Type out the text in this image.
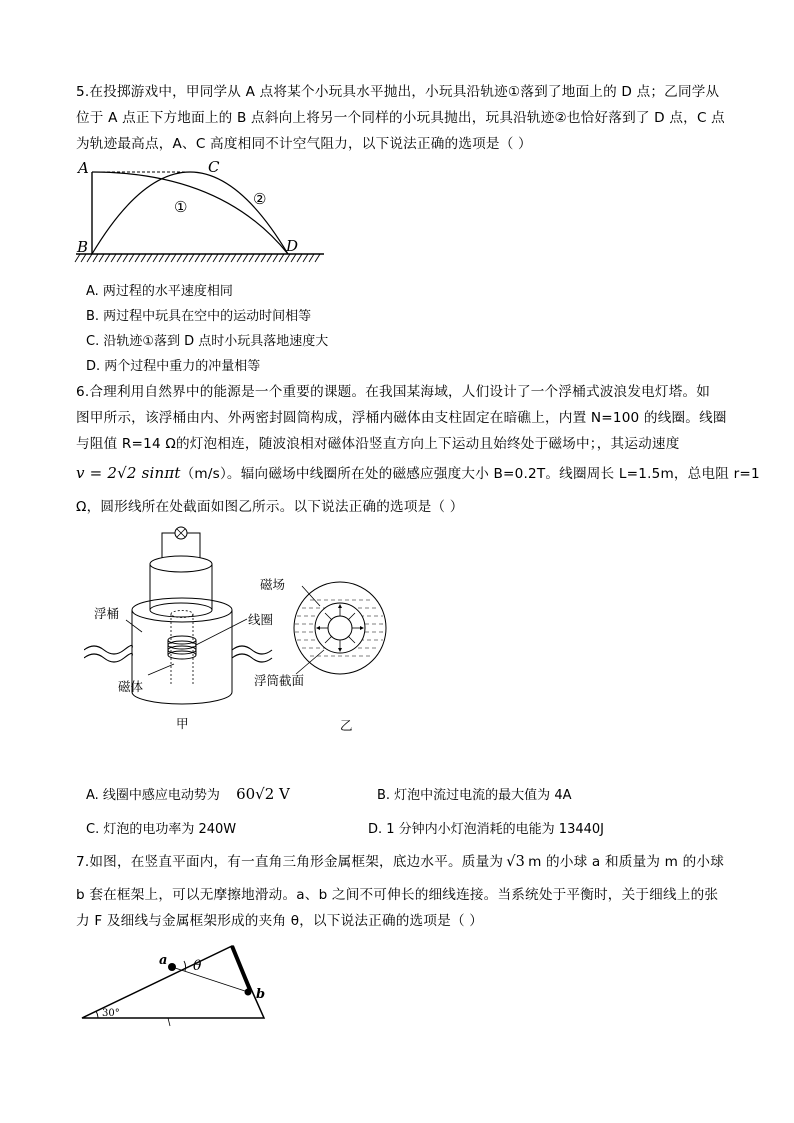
5.在投掷游戏中，甲同学从 A 点将某个小玩具水平抛出，小玩具沿轨迹①落到了地面上的 D 点；乙同学从
位于 A 点正下方地面上的 B 点斜向上将另一个同样的小玩具抛出，玩具沿轨迹②也恰好落到了 D 点，C 点
为轨迹最高点，A、C 高度相同不计空气阻力，以下说法正确的选项是（ ）
A
B
C
D
①	②
A. 两过程的水平速度相同
B. 两过程中玩具在空中的运动时间相等
C. 沿轨迹①落到 D 点时小玩具落地速度大
D. 两个过程中重力的冲量相等
6.合理利用自然界中的能源是一个重要的课题。在我国某海域，人们设计了一个浮桶式波浪发电灯塔。如
图甲所示，该浮桶由内、外两密封圆筒构成，浮桶内磁体由支柱固定在暗礁上，内置 N=100 的线圈。线圈
与阻值 R=14 Ω的灯泡相连，随波浪相对磁体沿竖直方向上下运动且始终处于磁场中；，其运动速度
v = 2√2 sinπt（m/s）。辐向磁场中线圈所在处的磁感应强度大小 B=0.2T。线圈周长 L=1.5m，总电阻 r=1
Ω，圆形线所在处截面如图乙所示。以下说法正确的选项是（ ）
浮桶
磁体
线圈
磁场
浮筒截面
甲	乙
A. 线圈中感应电动势为 60√2 V	B. 灯泡中流过电流的最大值为 4A
C. 灯泡的电功率为 240W	D. 1 分钟内小灯泡消耗的电能为 13440J
7.如图，在竖直平面内，有一直角三角形金属框架，底边水平。质量为 √3 m 的小球 a 和质量为 m 的小球
b 套在框架上，可以无摩擦地滑动。a、b 之间不可伸长的细线连接。当系统处于平衡时，关于细线上的张
力 F 及细线与金属框架形成的夹角 θ，以下说法正确的选项是（ ）
a
b
θ
30°
